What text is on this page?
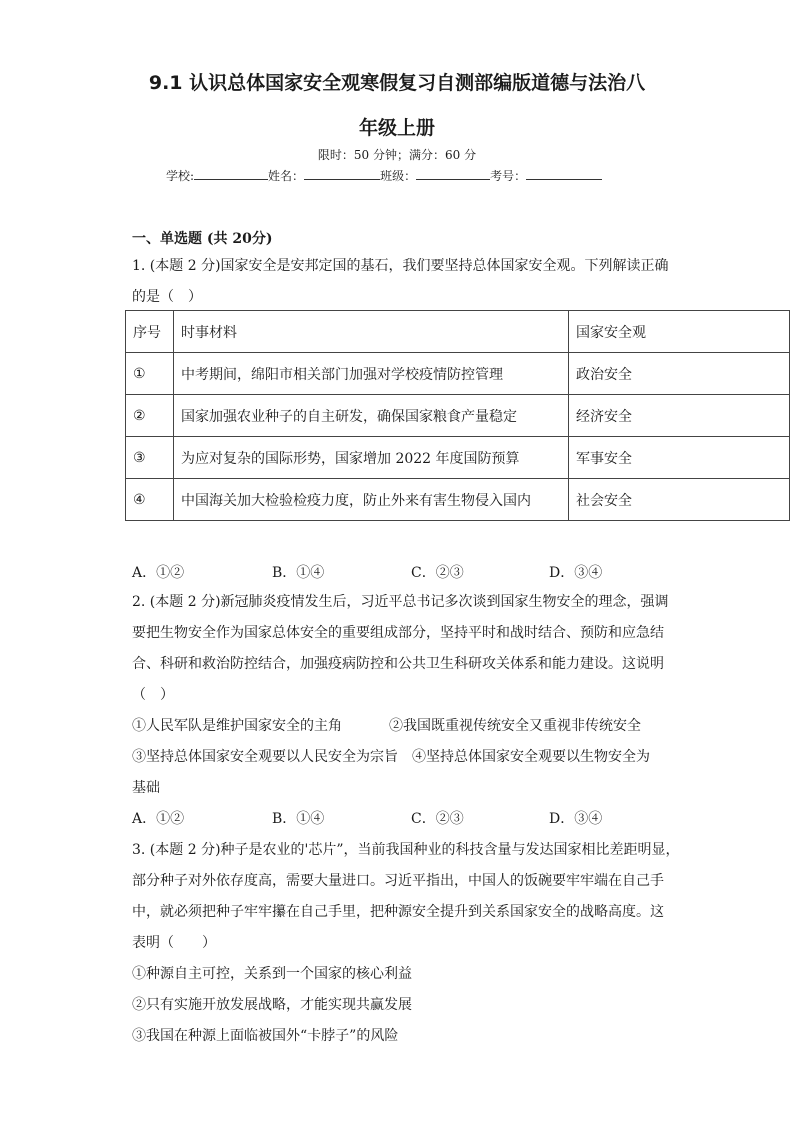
9.1 认识总体国家安全观寒假复习自测部编版道德与法治八
年级上册
限时：50 分钟；满分：60 分
学校:	姓名：	班级：	考号：
一、单选题 (共 20分)
1. (本题 2 分)国家安全是安邦定国的基石，我们要坚持总体国家安全观。下列解读正确
的是（　）
序号	时事材料	国家安全观
①	中考期间，绵阳市相关部门加强对学校疫情防控管理	政治安全
②	国家加强农业种子的自主研发，确保国家粮食产量稳定	经济安全
③	为应对复杂的国际形势，国家增加 2022 年度国防预算	军事安全
④	中国海关加大检验检疫力度，防止外来有害生物侵入国内	社会安全
A．①②	B．①④	C．②③	D．③④
2. (本题 2 分)新冠肺炎疫情发生后，习近平总书记多次谈到国家生物安全的理念，强调
要把生物安全作为国家总体安全的重要组成部分，坚持平时和战时结合、预防和应急结
合、科研和救治防控结合，加强疫病防控和公共卫生科研攻关体系和能力建设。这说明
（　）
①人民军队是维护国家安全的主角	②我国既重视传统安全又重视非传统安全
③坚持总体国家安全观要以人民安全为宗旨 ④坚持总体国家安全观要以生物安全为
基础
A．①②	B．①④	C．②③	D．③④
3. (本题 2 分)种子是农业的'芯片”，当前我国种业的科技含量与发达国家相比差距明显，
部分种子对外依存度高，需要大量进口。习近平指出，中国人的饭碗要牢牢端在自己手
中，就必须把种子牢牢攥在自己手里，把种源安全提升到关系国家安全的战略高度。这
表明（　　）
①种源自主可控，关系到一个国家的核心利益
②只有实施开放发展战略，才能实现共赢发展
③我国在种源上面临被国外“卡脖子”的风险
